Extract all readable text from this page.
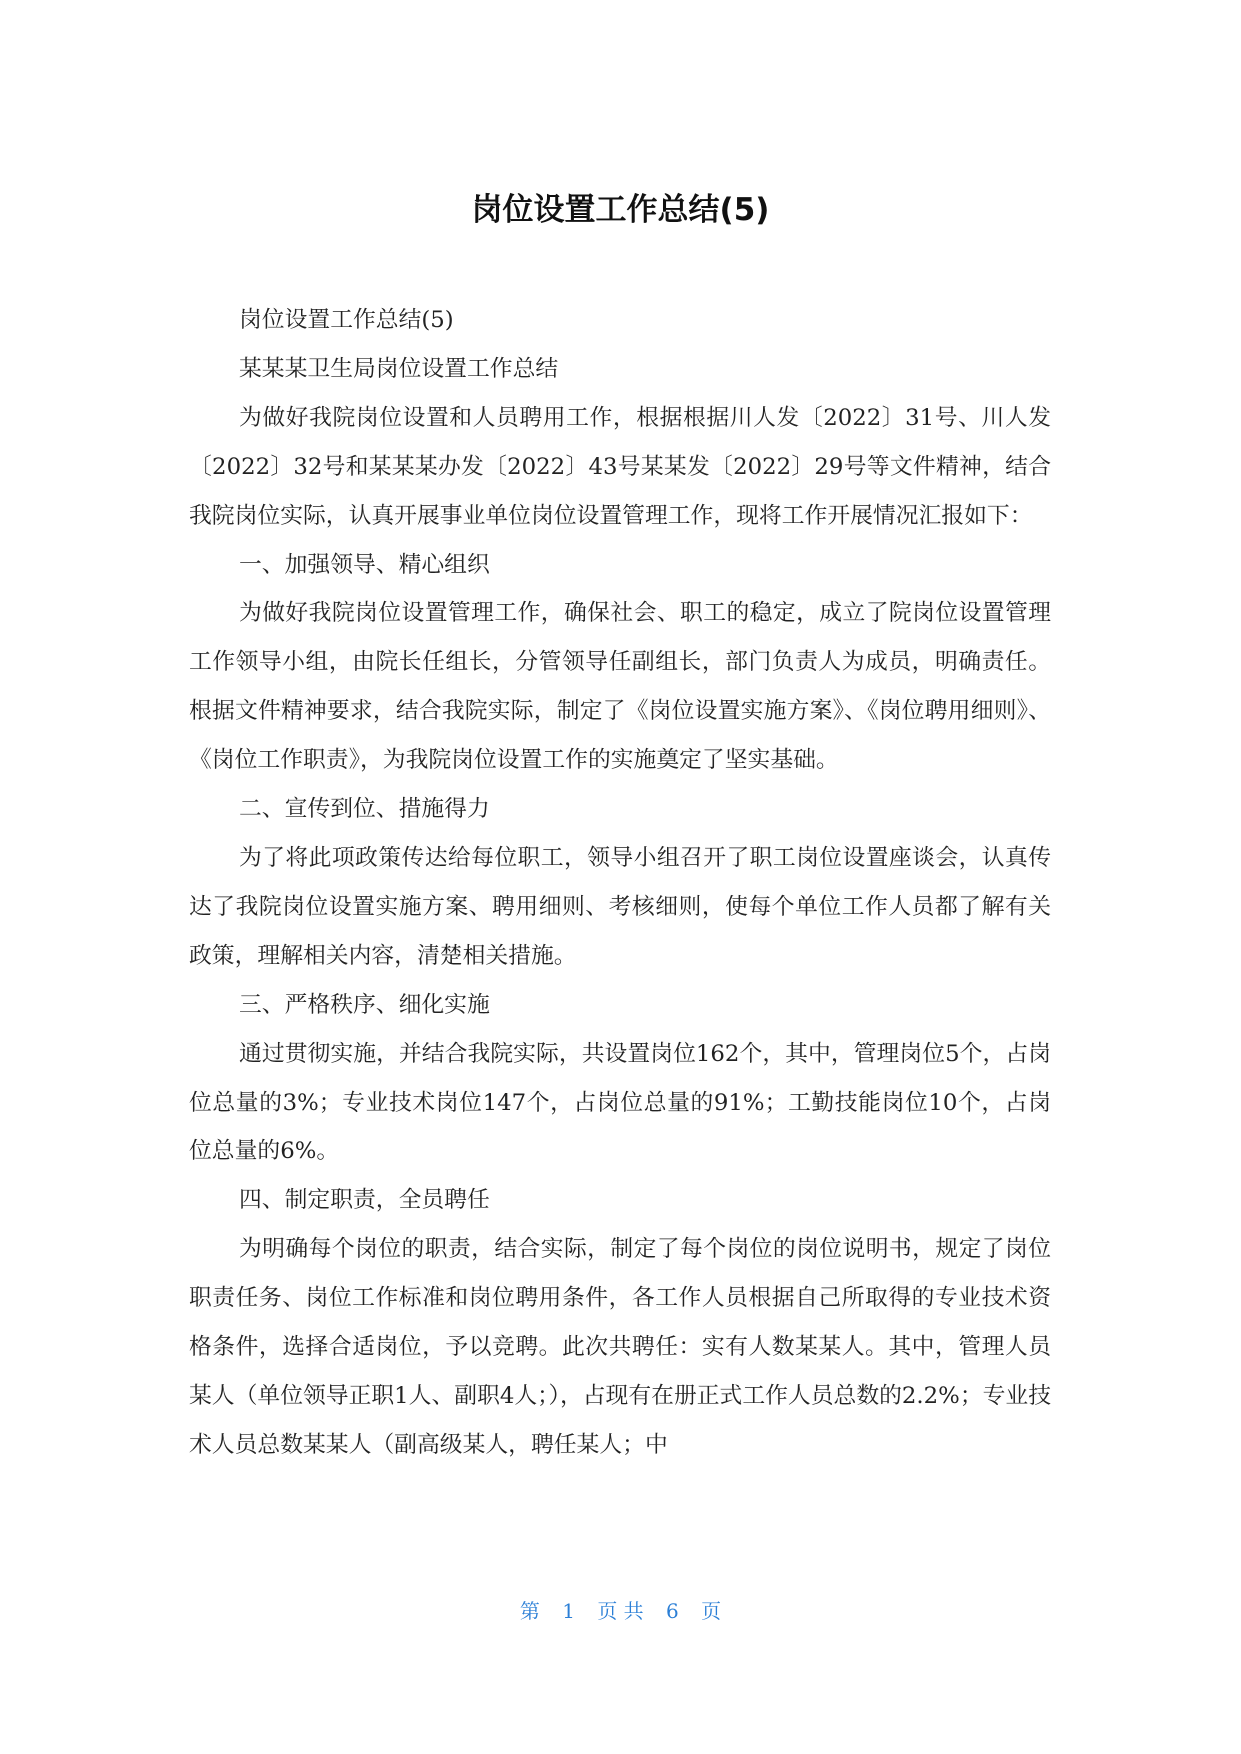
岗位设置工作总结(5)

岗位设置工作总结(5)

某某某卫生局岗位设置工作总结

为做好我院岗位设置和人员聘用工作，根据根据川人发〔2022〕31号、川人发〔2022〕32号和某某某办发〔2022〕43号某某发〔2022〕29号等文件精神，结合我院岗位实际，认真开展事业单位岗位设置管理工作，现将工作开展情况汇报如下：

一、加强领导、精心组织

为做好我院岗位设置管理工作，确保社会、职工的稳定，成立了院岗位设置管理工作领导小组，由院长任组长，分管领导任副组长，部门负责人为成员，明确责任。根据文件精神要求，结合我院实际，制定了《岗位设置实施方案》、《岗位聘用细则》、《岗位工作职责》，为我院岗位设置工作的实施奠定了坚实基础。

二、宣传到位、措施得力

为了将此项政策传达给每位职工，领导小组召开了职工岗位设置座谈会，认真传达了我院岗位设置实施方案、聘用细则、考核细则，使每个单位工作人员都了解有关政策，理解相关内容，清楚相关措施。

三、严格秩序、细化实施

通过贯彻实施，并结合我院实际，共设置岗位162个，其中，管理岗位5个，占岗位总量的3%；专业技术岗位147个，占岗位总量的91%；工勤技能岗位10个，占岗位总量的6%。

四、制定职责，全员聘任

为明确每个岗位的职责，结合实际，制定了每个岗位的岗位说明书，规定了岗位职责任务、岗位工作标准和岗位聘用条件，各工作人员根据自己所取得的专业技术资格条件，选择合适岗位，予以竞聘。此次共聘任：实有人数某某人。其中，管理人员某人（单位领导正职1人、副职4人；），占现有在册正式工作人员总数的2.2%；专业技术人员总数某某人（副高级某人，聘任某人；中

第 1 页 共 6 页
